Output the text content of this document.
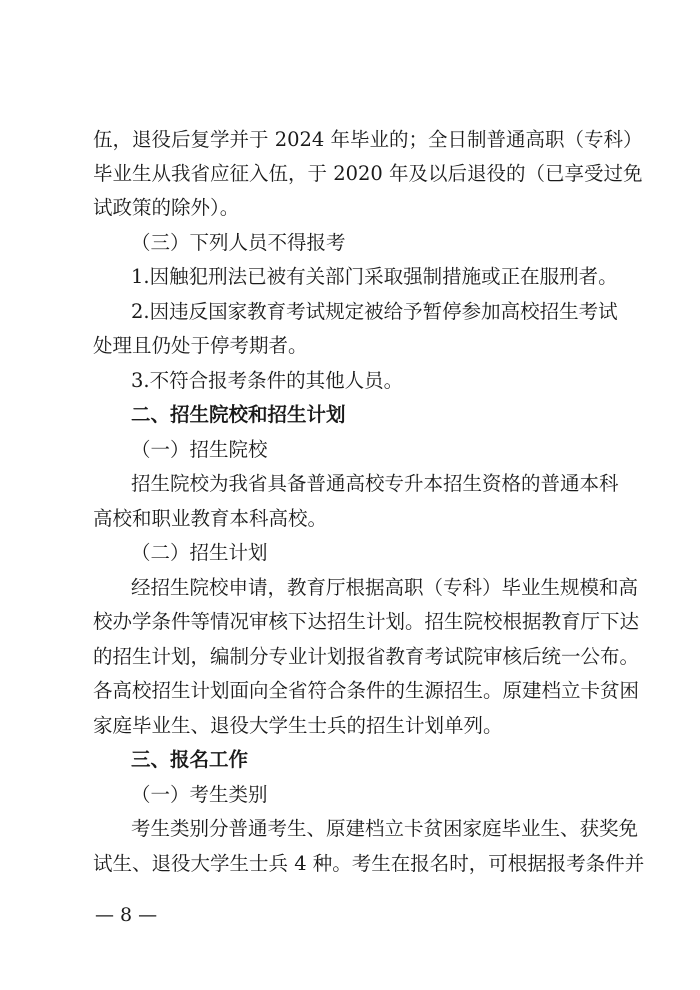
伍，退役后复学并于 2024 年毕业的；全日制普通高职（专科）
毕业生从我省应征入伍，于 2020 年及以后退役的（已享受过免
试政策的除外）。
（三）下列人员不得报考
1.因触犯刑法已被有关部门采取强制措施或正在服刑者。
2.因违反国家教育考试规定被给予暂停参加高校招生考试
处理且仍处于停考期者。
3.不符合报考条件的其他人员。
二、招生院校和招生计划
（一）招生院校
招生院校为我省具备普通高校专升本招生资格的普通本科
高校和职业教育本科高校。
（二）招生计划
经招生院校申请，教育厅根据高职（专科）毕业生规模和高
校办学条件等情况审核下达招生计划。招生院校根据教育厅下达
的招生计划，编制分专业计划报省教育考试院审核后统一公布。
各高校招生计划面向全省符合条件的生源招生。原建档立卡贫困
家庭毕业生、退役大学生士兵的招生计划单列。
三、报名工作
（一）考生类别
考生类别分普通考生、原建档立卡贫困家庭毕业生、获奖免
试生、退役大学生士兵 4 种。考生在报名时，可根据报考条件并
— 8 —
